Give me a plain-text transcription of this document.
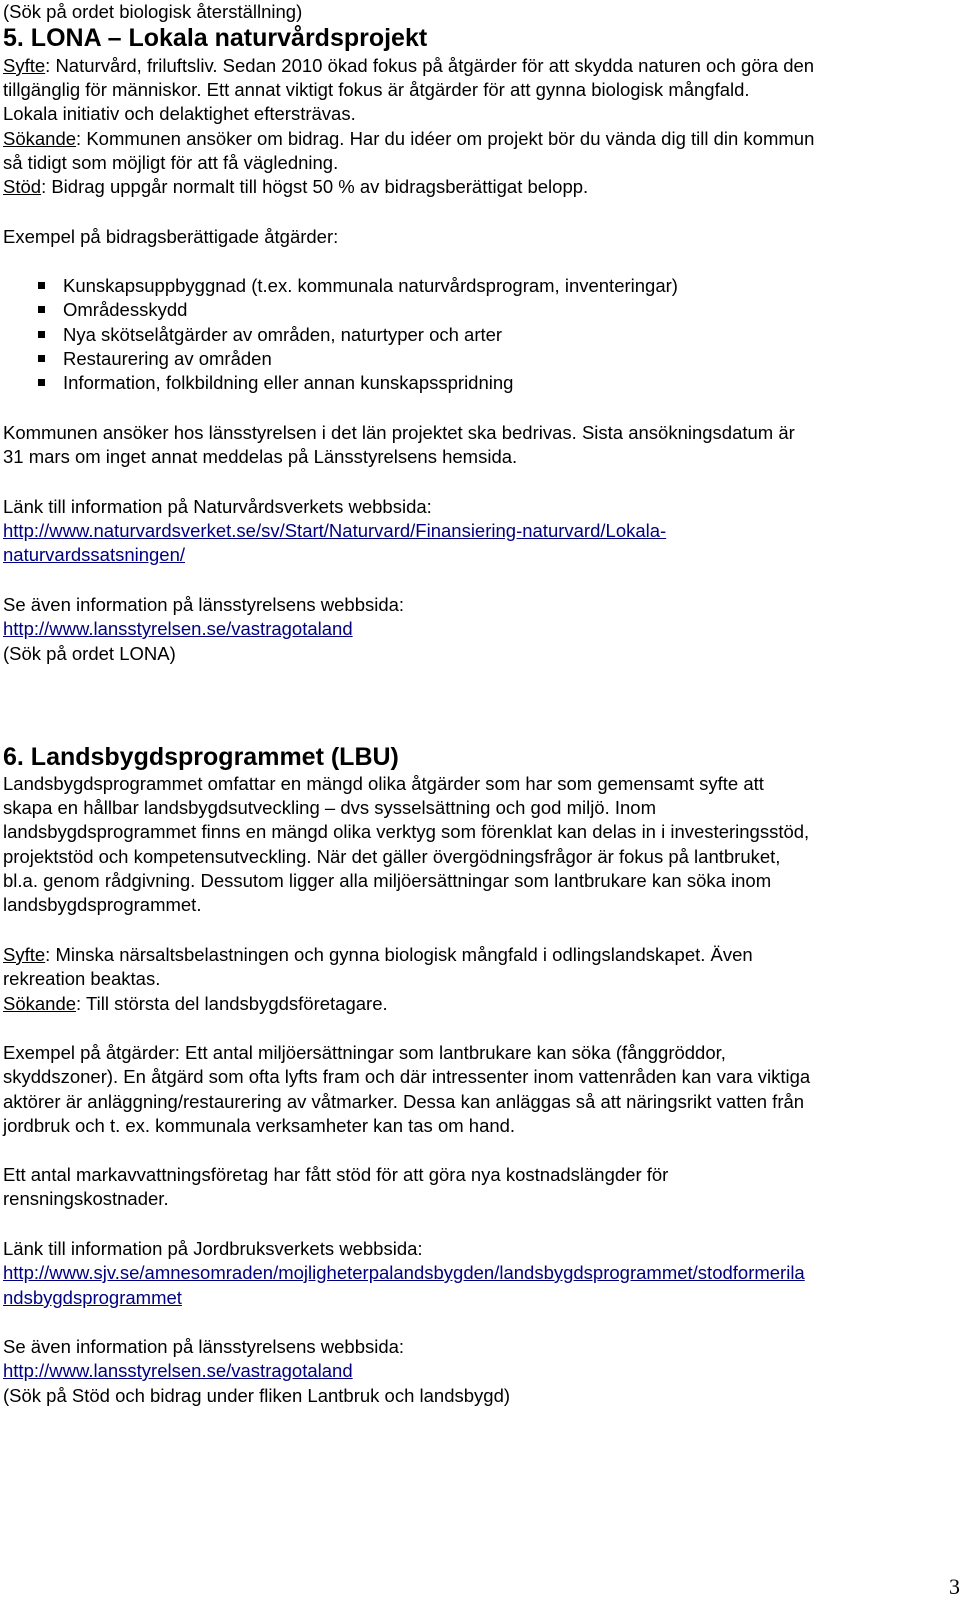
(Sök på ordet biologisk återställning)
5. LONA – Lokala naturvårdsprojekt
Syfte: Naturvård, friluftsliv. Sedan 2010 ökad fokus på åtgärder för att skydda naturen och göra den
tillgänglig för människor. Ett annat viktigt fokus är åtgärder för att gynna biologisk mångfald.
Lokala initiativ och delaktighet eftersträvas.
Sökande: Kommunen ansöker om bidrag. Har du idéer om projekt bör du vända dig till din kommun
så tidigt som möjligt för att få vägledning.
Stöd: Bidrag uppgår normalt till högst 50 % av bidragsberättigat belopp.
Exempel på bidragsberättigade åtgärder:
Kunskapsuppbyggnad (t.ex. kommunala naturvårdsprogram, inventeringar)
Områdesskydd
Nya skötselåtgärder av områden, naturtyper och arter
Restaurering av områden
Information, folkbildning eller annan kunskapsspridning
Kommunen ansöker hos länsstyrelsen i det län projektet ska bedrivas. Sista ansökningsdatum är
31 mars om inget annat meddelas på Länsstyrelsens hemsida.
Länk till information på Naturvårdsverkets webbsida:
http://www.naturvardsverket.se/sv/Start/Naturvard/Finansiering-naturvard/Lokala-
naturvardssatsningen/
Se även information på länsstyrelsens webbsida:
http://www.lansstyrelsen.se/vastragotaland
(Sök på ordet LONA)
6. Landsbygdsprogrammet (LBU)
Landsbygdsprogrammet omfattar en mängd olika åtgärder som har som gemensamt syfte att
skapa en hållbar landsbygdsutveckling – dvs sysselsättning och god miljö. Inom
landsbygdsprogrammet finns en mängd olika verktyg som förenklat kan delas in i investeringsstöd,
projektstöd och kompetensutveckling. När det gäller övergödningsfrågor är fokus på lantbruket,
bl.a. genom rådgivning. Dessutom ligger alla miljöersättningar som lantbrukare kan söka inom
landsbygdsprogrammet.
Syfte: Minska närsaltsbelastningen och gynna biologisk mångfald i odlingslandskapet. Även
rekreation beaktas.
Sökande: Till största del landsbygdsföretagare.
Exempel på åtgärder: Ett antal miljöersättningar som lantbrukare kan söka (fånggröddor,
skyddszoner). En åtgärd som ofta lyfts fram och där intressenter inom vattenråden kan vara viktiga
aktörer är anläggning/restaurering av våtmarker. Dessa kan anläggas så att näringsrikt vatten från
jordbruk och t. ex. kommunala verksamheter kan tas om hand.
Ett antal markavvattningsföretag har fått stöd för att göra nya kostnadslängder för
rensningskostnader.
Länk till information på Jordbruksverkets webbsida:
http://www.sjv.se/amnesomraden/mojligheterpalandsbygden/landsbygdsprogrammet/stodformerila
ndsbygdsprogrammet
Se även information på länsstyrelsens webbsida:
http://www.lansstyrelsen.se/vastragotaland
(Sök på Stöd och bidrag under fliken Lantbruk och landsbygd)
3
